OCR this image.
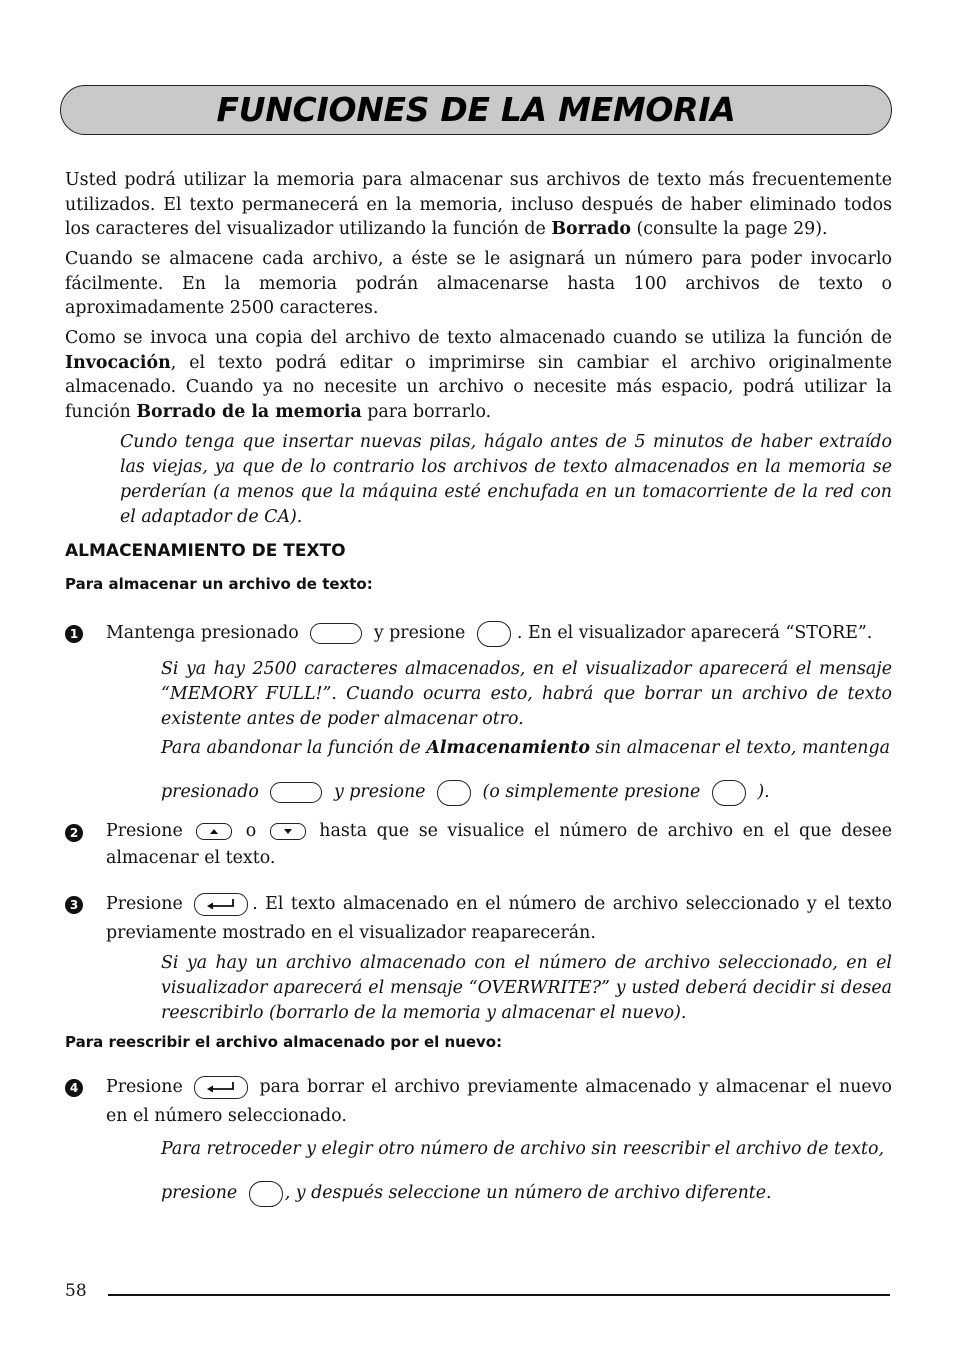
FUNCIONES DE LA MEMORIA

Usted podrá utilizar la memoria para almacenar sus archivos de texto más frecuentemente utilizados. El texto permanecerá en la memoria, incluso después de haber eliminado todos los caracteres del visualizador utilizando la función de Borrado (consulte la page 29).

Cuando se almacene cada archivo, a éste se le asignará un número para poder invocarlo fácilmente. En la memoria podrán almacenarse hasta 100 archivos de texto o aproximadamente 2500 caracteres.

Como se invoca una copia del archivo de texto almacenado cuando se utiliza la función de Invocación, el texto podrá editar o imprimirse sin cambiar el archivo originalmente almacenado. Cuando ya no necesite un archivo o necesite más espacio, podrá utilizar la función Borrado de la memoria para borrarlo.

Cundo tenga que insertar nuevas pilas, hágalo antes de 5 minutos de haber extraído las viejas, ya que de lo contrario los archivos de texto almacenados en la memoria se perderían (a menos que la máquina esté enchufada en un tomacorriente de la red con el adaptador de CA).

ALMACENAMIENTO DE TEXTO
Para almacenar un archivo de texto:
1 Mantenga presionado	y presione	. En el visualizador aparecerá “STORE”.

Si ya hay 2500 caracteres almacenados, en el visualizador aparecerá el mensaje “MEMORY FULL!”. Cuando ocurra esto, habrá que borrar un archivo de texto existente antes de poder almacenar otro.

Para abandonar la función de Almacenamiento sin almacenar el texto, mantenga

presionado	y presione	(o simplemente presione	).

2 Presione	o	hasta que se visualice el número de archivo en el que desee almacenar el texto.

3 Presione	. El texto almacenado en el número de archivo seleccionado y el texto previamente mostrado en el visualizador reaparecerán.

Si ya hay un archivo almacenado con el número de archivo seleccionado, en el visualizador aparecerá el mensaje “OVERWRITE?” y usted deberá decidir si desea reescribirlo (borrarlo de la memoria y almacenar el nuevo).

Para reescribir el archivo almacenado por el nuevo:
4 Presione	para borrar el archivo previamente almacenado y almacenar el nuevo en el número seleccionado.

Para retroceder y elegir otro número de archivo sin reescribir el archivo de texto,

presione	, y después seleccione un número de archivo diferente.

58
